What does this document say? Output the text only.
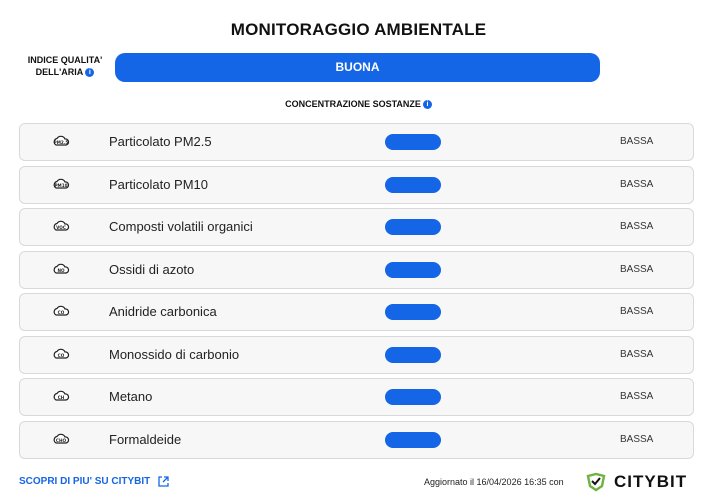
MONITORAGGIO AMBIENTALE
INDICE QUALITA'
DELL'ARIA i	BUONA
CONCENTRAZIONE SOSTANZE i
PM2.5	Particolato PM2.5	BASSA
PM10	Particolato PM10	BASSA
VOC	Composti volatili organici	BASSA
NO	Ossidi di azoto	BASSA
CO	Anidride carbonica	BASSA
CO	Monossido di carbonio	BASSA
CH	Metano	BASSA
CHO	Formaldeide	BASSA
SCOPRI DI PIU' SU CITYBIT	Aggiornato il 16/04/2026 16:35 con	CITYBIT
